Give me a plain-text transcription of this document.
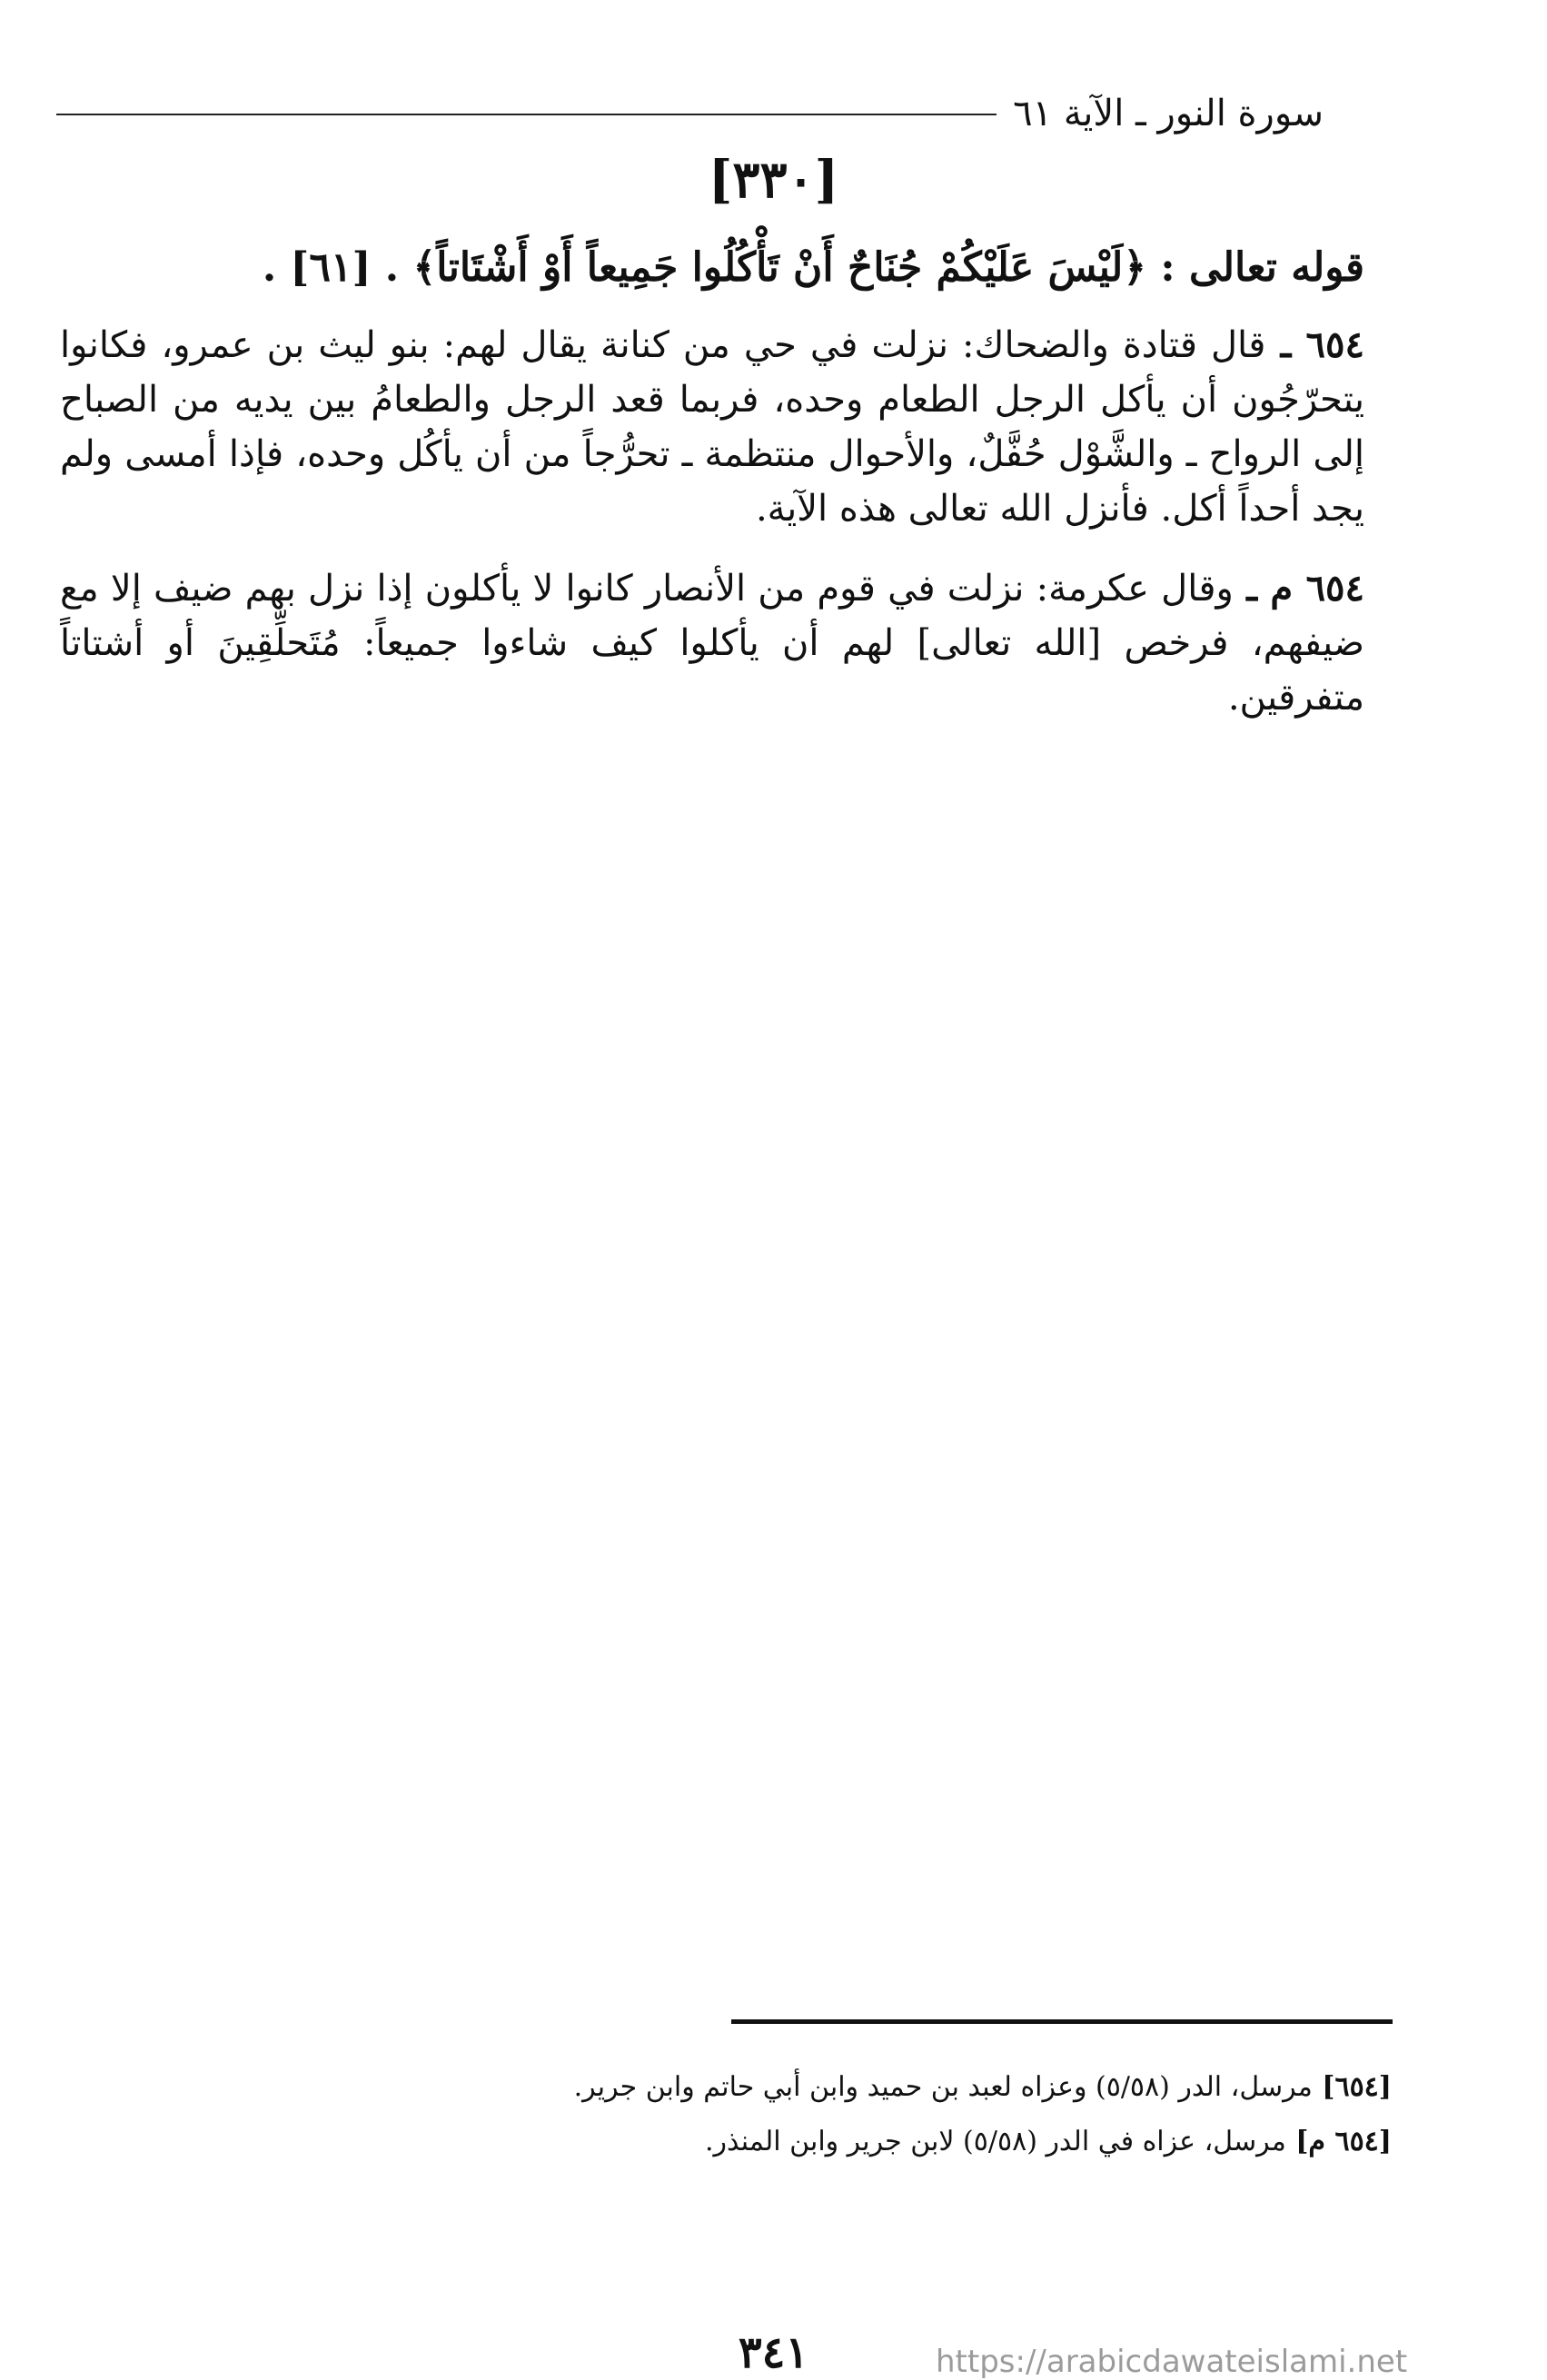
سورة النور ـ الآية ٦١
[٣٣٠]

قوله تعالى : ﴿لَيْسَ عَلَيْكُمْ جُنَاحٌ أَنْ تَأْكُلُوا جَمِيعاً أَوْ أَشْتَاتاً﴾ . [٦١] .

٦٥٤ ـ قال قتادة والضحاك: نزلت في حي من كنانة يقال لهم: بنو ليث بن عمرو، فكانوا يتحرّجُون أن يأكل الرجل الطعام وحده، فربما قعد الرجل والطعامُ بين يديه من الصباح إلى الرواح ـ والشَّوْل حُفَّلٌ، والأحوال منتظمة ـ تحرُّجاً من أن يأكُل وحده، فإذا أمسى ولم يجد أحداً أكل. فأنزل الله تعالى هذه الآية.

٦٥٤ م ـ وقال عكرمة: نزلت في قوم من الأنصار كانوا لا يأكلون إذا نزل بهم ضيف إلا مع ضيفهم، فرخص [الله تعالى] لهم أن يأكلوا كيف شاءوا جميعاً: مُتَحلِّقِينَ أو أشتاتاً متفرقين.

[٦٥٤] مرسل، الدر (٥/٥٨) وعزاه لعبد بن حميد وابن أبي حاتم وابن جرير.

[٦٥٤ م] مرسل، عزاه في الدر (٥/٥٨) لابن جرير وابن المنذر.

٣٤١	https://arabicdawateislami.net
